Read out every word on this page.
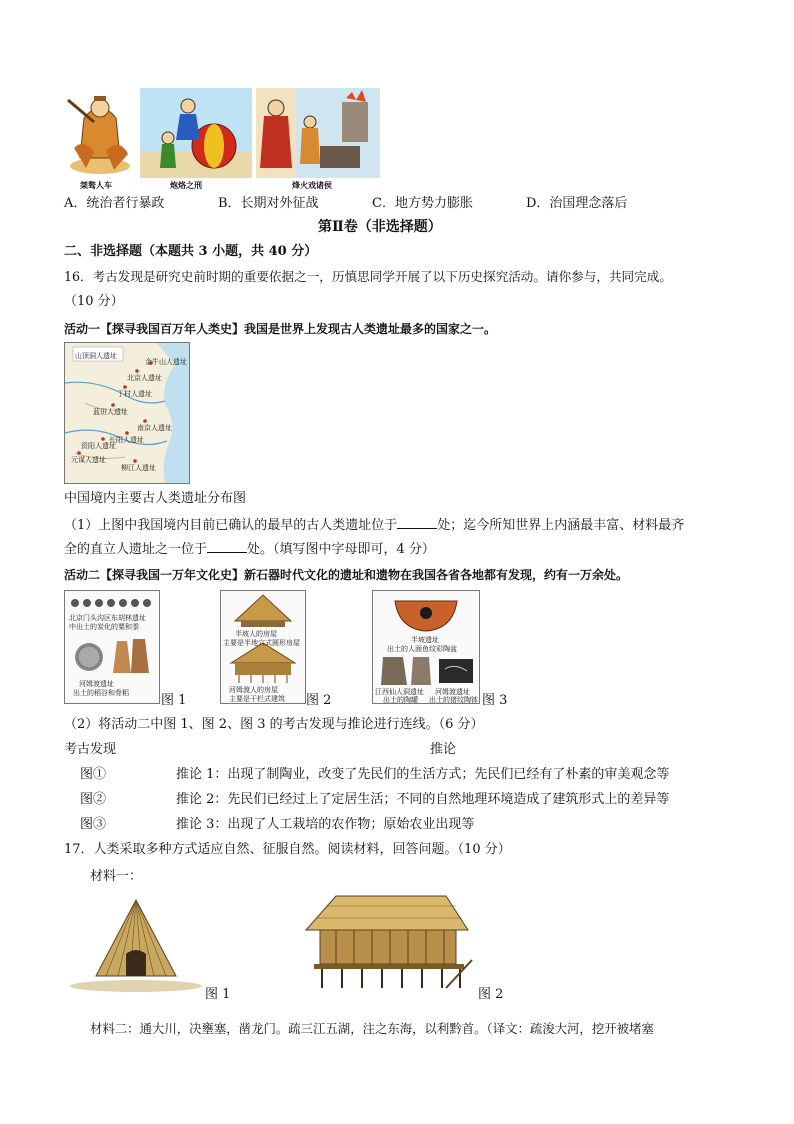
桀骜人车	炮烙之刑	烽火戏诸侯
A．统治者行暴政	B．长期对外征战	C．地方势力膨胀	D．治国理念落后
第Ⅱ卷（非选择题）
二、非选择题（本题共 3 小题，共 40 分）
16．考古发现是研究史前时期的重要依据之一，历慎思同学开展了以下历史探究活动。请你参与，共同完成。
（10 分）
活动一【探寻我国百万年人类史】我国是世界上发现古人类遗址最多的国家之一。
北京人遗址
山顶洞人遗址
丁村人遗址
蓝田人遗址
元谋人遗址
金牛山人遗址
南京人遗址
长阳人遗址
柳江人遗址
资阳人遗址
中国境内主要古人类遗址分布图
（1）上图中我国境内目前已确认的最早的古人类遗址位于	处；迄今所知世界上内涵最丰富、材料最齐
全的直立人遗址之一位于	处。（填写图中字母即可，4 分）
活动二【探寻我国一万年文化史】新石器时代文化的遗址和遗物在我国各省各地都有发现，约有一万余处。
北京门头沟区东胡林遗址
中出土的炭化的粟和黍
河姆渡遗址
出土的稻谷和骨耜 图 1
半坡人的房屋
主要是半地穴式圆形房屋
河姆渡人的房屋
主要是干栏式建筑 图 2
半坡遗址
出土的人面鱼纹彩陶盆
江西仙人洞遗址
出土的陶罐
河姆渡遗址
出土的猪纹陶钵 图 3
（2）将活动二中图 1、图 2、图 3 的考古发现与推论进行连线。（6 分）
考古发现	推论
图①	推论 1：出现了制陶业，改变了先民们的生活方式；先民们已经有了朴素的审美观念等
图②	推论 2：先民们已经过上了定居生活；不同的自然地理环境造成了建筑形式上的差异等
图③	推论 3：出现了人工栽培的农作物；原始农业出现等
17．人类采取多种方式适应自然、征服自然。阅读材料，回答问题。（10 分）
材料一：
图 1	图 2
材料二：通大川，决壅塞，凿龙门。疏三江五湖，注之东海，以利黔首。（译文：疏浚大河，挖开被堵塞
